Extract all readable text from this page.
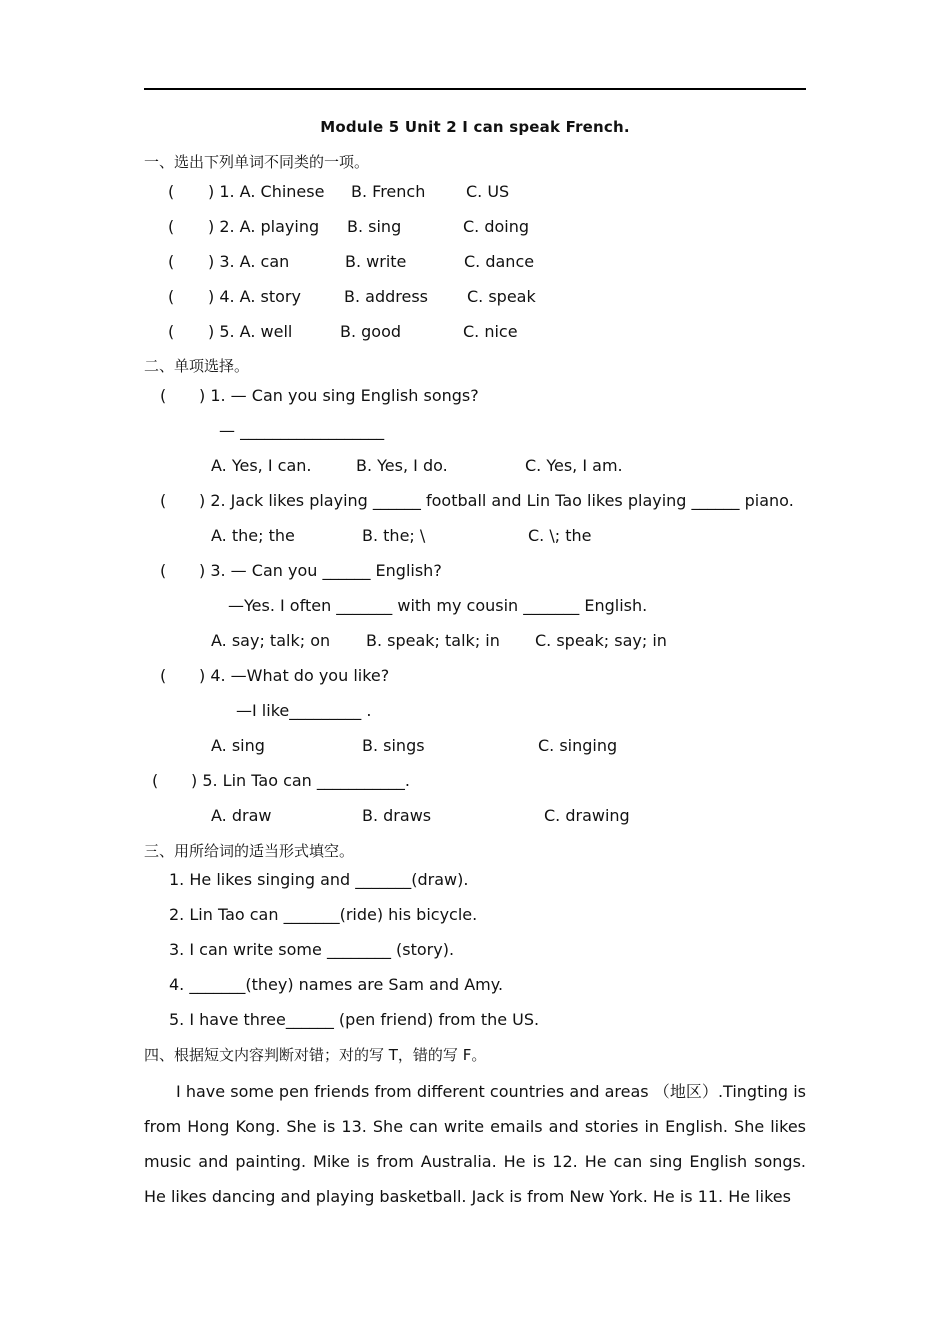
Module 5 Unit 2 I can speak French.
一、选出下列单词不同类的一项。
( ) 1. A. Chinese B. French	C. US
( ) 2. A. playing B. sing	C. doing
( ) 3. A. can	B. write	C. dance
( ) 4. A. story	B. address C. speak
( ) 5. A. well	B. good	C. nice
二、单项选择。
( ) 1. — Can you sing English songs?
— __________________
A. Yes, I can.	B. Yes, I do.	C. Yes, I am.
( ) 2. Jack likes playing ______ football and Lin Tao likes playing ______ piano.
A. the; the	B. the; \	C. \; the
( ) 3. — Can you ______ English?
—Yes. I often _______ with my cousin _______ English.
A. say; talk; on B. speak; talk; in C. speak; say; in
( ) 4. —What do you like?
—I like_________ .
A. sing	B. sings	C. singing
( ) 5. Lin Tao can ___________.
A. draw	B. draws	C. drawing
三、用所给词的适当形式填空。
1. He likes singing and _______(draw).
2. Lin Tao can _______(ride) his bicycle.
3. I can write some ________ (story).
4. _______(they) names are Sam and Amy.
5. I have three______ (pen friend) from the US.
四、根据短文内容判断对错；对的写 T，错的写 F。
I have some pen friends from different countries and areas （地区）.Tingting is from Hong Kong. She is 13. She can write emails and stories in English. She likes music and painting. Mike is from Australia. He is 12. He can sing English songs. He likes dancing and playing basketball. Jack is from New York. He is 11. He likes
